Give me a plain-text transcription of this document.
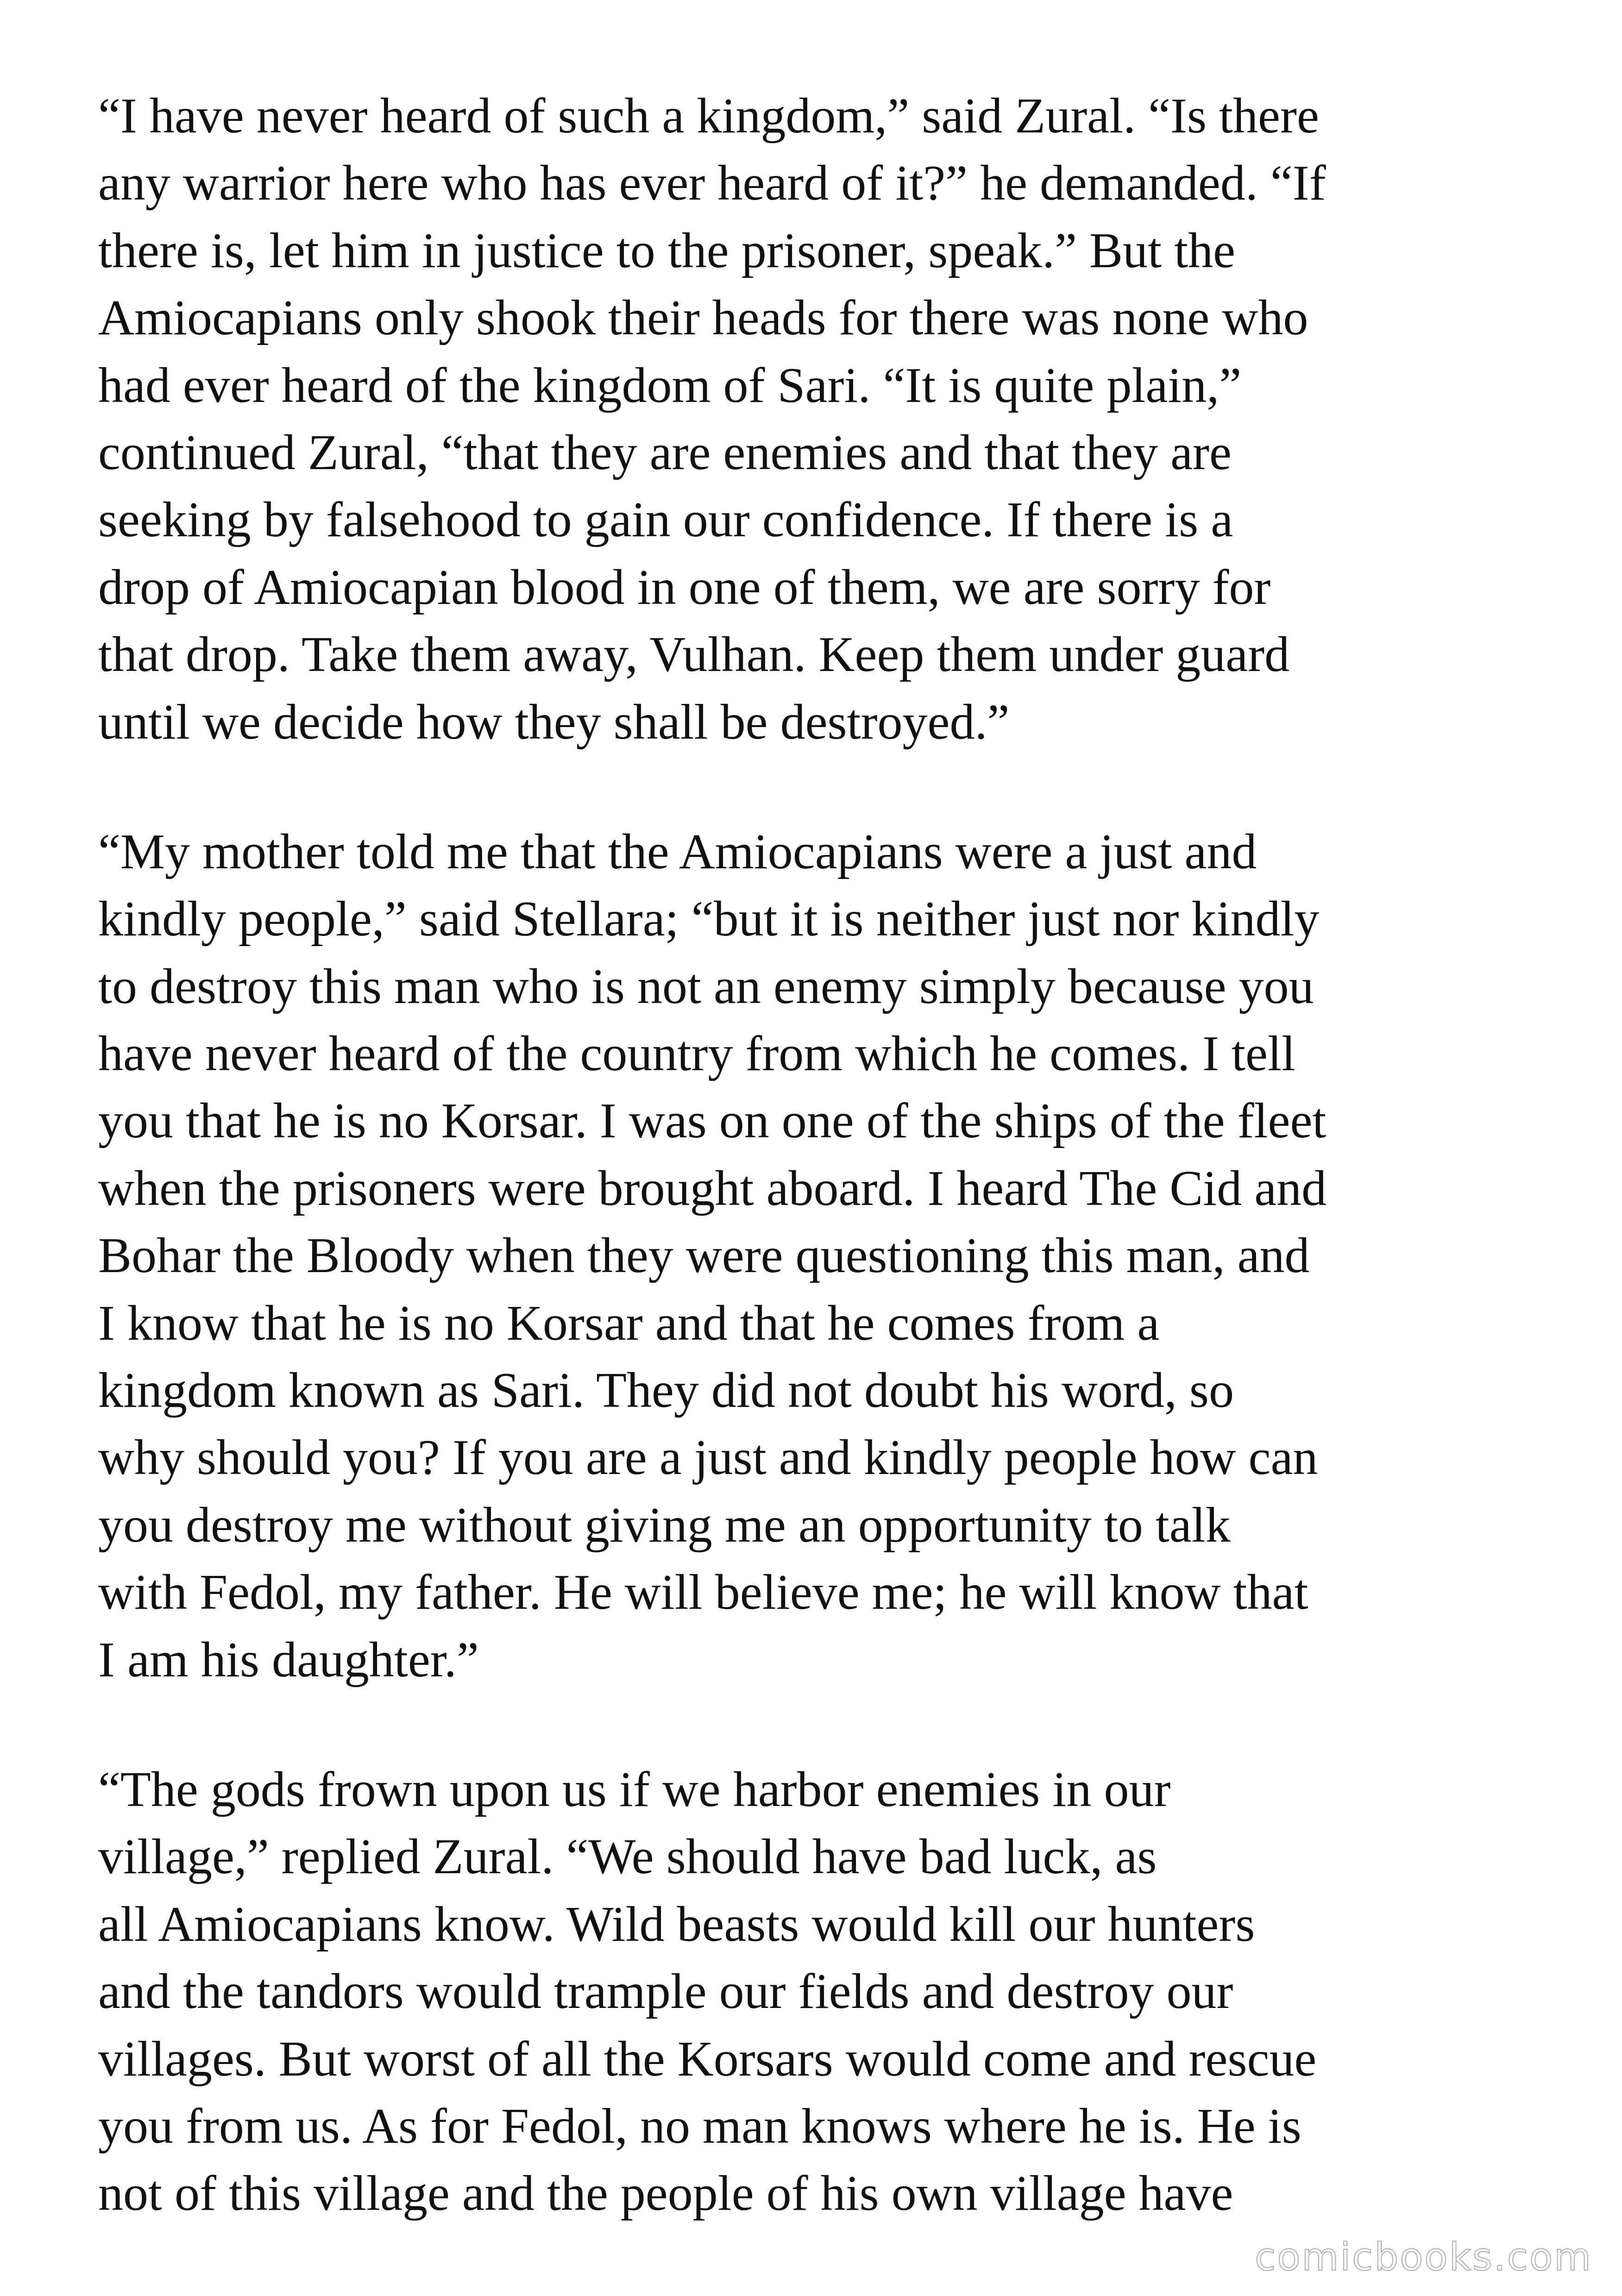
“I have never heard of such a kingdom,” said Zural. “Is there
any warrior here who has ever heard of it?” he demanded. “If
there is, let him in justice to the prisoner, speak.” But the
Amiocapians only shook their heads for there was none who
had ever heard of the kingdom of Sari. “It is quite plain,”
continued Zural, “that they are enemies and that they are
seeking by falsehood to gain our confidence. If there is a
drop of Amiocapian blood in one of them, we are sorry for
that drop. Take them away, Vulhan. Keep them under guard
until we decide how they shall be destroyed.”

“My mother told me that the Amiocapians were a just and
kindly people,” said Stellara; “but it is neither just nor kindly
to destroy this man who is not an enemy simply because you
have never heard of the country from which he comes. I tell
you that he is no Korsar. I was on one of the ships of the fleet
when the prisoners were brought aboard. I heard The Cid and
Bohar the Bloody when they were questioning this man, and
I know that he is no Korsar and that he comes from a
kingdom known as Sari. They did not doubt his word, so
why should you? If you are a just and kindly people how can
you destroy me without giving me an opportunity to talk
with Fedol, my father. He will believe me; he will know that
I am his daughter.”

“The gods frown upon us if we harbor enemies in our
village,” replied Zural. “We should have bad luck, as
all Amiocapians know. Wild beasts would kill our hunters
and the tandors would trample our fields and destroy our
villages. But worst of all the Korsars would come and rescue
you from us. As for Fedol, no man knows where he is. He is
not of this village and the people of his own village have

comicbooks.com
